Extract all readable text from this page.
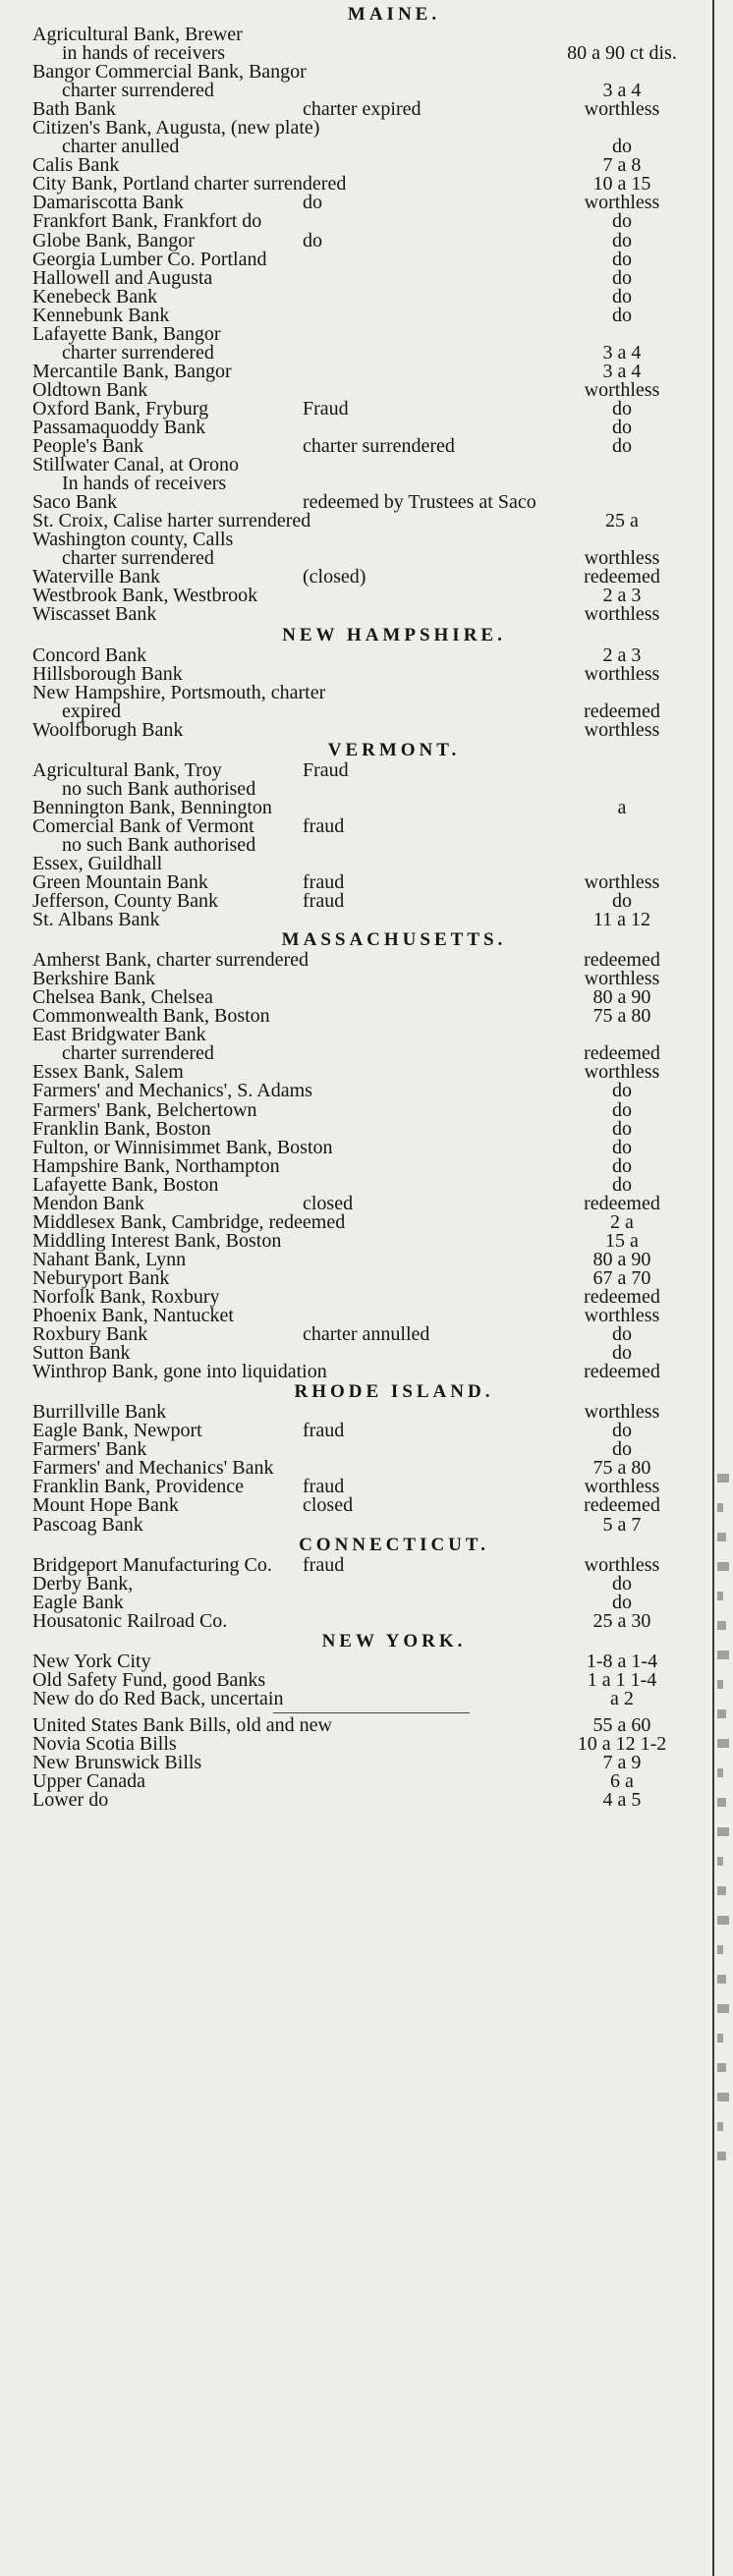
MAINE.
Agricultural Bank, Brewer
in hands of receivers	80 a 90 ct dis.
Bangor Commercial Bank, Bangor
charter surrendered	3 a 4
Bath Bank	charter expired	worthless
Citizen's Bank, Augusta, (new plate)
charter anulled	do
Calis Bank	7 a 8
City Bank, Portland charter surrendered	10 a 15
Damariscotta Bank	do	worthless
Frankfort Bank, Frankfort do	do
Globe Bank, Bangor	do	do
Georgia Lumber Co. Portland	do
Hallowell and Augusta	do
Kenebeck Bank	do
Kennebunk Bank	do
Lafayette Bank, Bangor
charter surrendered	3 a 4
Mercantile Bank, Bangor	3 a 4
Oldtown Bank	worthless
Oxford Bank, Fryburg	Fraud	do
Passamaquoddy Bank	do
People's Bank	charter surrendered	do
Stillwater Canal, at Orono
In hands of receivers
Saco Bank	redeemed by Trustees at Saco
St. Croix, Calise harter surrendered	25 a
Washington county, Calls
charter surrendered	worthless
Waterville Bank	(closed)	redeemed
Westbrook Bank, Westbrook	2 a 3
Wiscasset Bank	worthless
NEW HAMPSHIRE.
Concord Bank	2 a 3
Hillsborough Bank	worthless
New Hampshire, Portsmouth, charter
expired	redeemed
Woolfborugh Bank	worthless
VERMONT.
Agricultural Bank, Troy	Fraud
no such Bank authorised
Bennington Bank, Bennington	a
Comercial Bank of Vermont fraud
no such Bank authorised
Essex, Guildhall
Green Mountain Bank	fraud	worthless
Jefferson, County Bank	fraud	do
St. Albans Bank	11 a 12
MASSACHUSETTS.
Amherst Bank, charter surrendered	redeemed
Berkshire Bank	worthless
Chelsea Bank, Chelsea	80 a 90
Commonwealth Bank, Boston	75 a 80
East Bridgwater Bank
charter surrendered	redeemed
Essex Bank, Salem	worthless
Farmers' and Mechanics', S. Adams	do
Farmers' Bank, Belchertown	do
Franklin Bank, Boston	do
Fulton, or Winnisimmet Bank, Boston	do
Hampshire Bank, Northampton	do
Lafayette Bank, Boston	do
Mendon Bank	closed	redeemed
Middlesex Bank, Cambridge, redeemed	2 a
Middling Interest Bank, Boston	15 a
Nahant Bank, Lynn	80 a 90
Neburyport Bank	67 a 70
Norfolk Bank, Roxbury	redeemed
Phoenix Bank, Nantucket	worthless
Roxbury Bank	charter annulled	do
Sutton Bank	do
Winthrop Bank, gone into liquidation	redeemed
RHODE ISLAND.
Burrillville Bank	worthless
Eagle Bank, Newport	fraud	do
Farmers' Bank	do
Farmers' and Mechanics' Bank	75 a 80
Franklin Bank, Providence	fraud	worthless
Mount Hope Bank	closed	redeemed
Pascoag Bank	5 a 7
CONNECTICUT.
Bridgeport Manufacturing Co. fraud	worthless
Derby Bank,	do
Eagle Bank	do
Housatonic Railroad Co.	25 a 30
NEW YORK.
New York City	1-8 a 1-4
Old Safety Fund, good Banks	1 a 1 1-4
New do do Red Back, uncertain	a 2
United States Bank Bills, old and new	55 a 60
Novia Scotia Bills	10 a 12 1-2
New Brunswick Bills	7 a 9
Upper Canada	6 a
Lower do	4 a 5
